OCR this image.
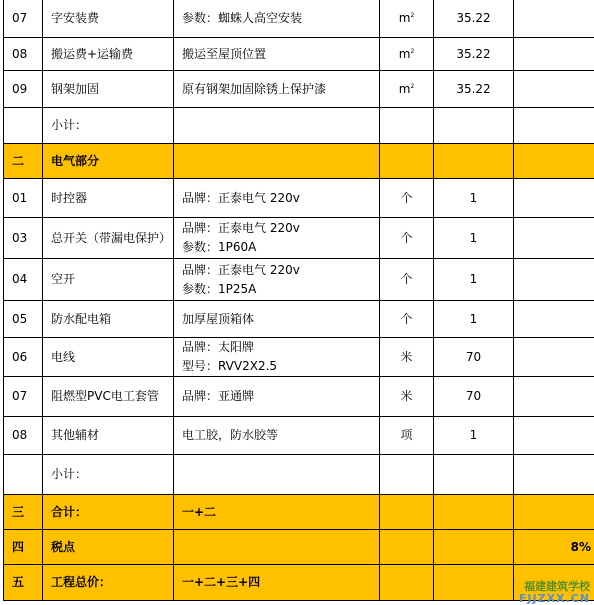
07	字安装费	参数：蜘蛛人高空安装	$m^2$	35.22	
08	搬运费+运输费	搬运至屋顶位置	$m^2$	35.22	
09	钢架加固	原有钢架加固除锈上保护漆	$m^2$	35.22	
	小计：				
二	电气部分				
01	时控器	品牌：正泰电气 220v	个	1	
03	总开关（带漏电保护）	品牌：正泰电气 220v
参数：1P60A	个	1	
04	空开	品牌：正泰电气 220v
参数：1P25A	个	1	
05	防水配电箱	加厚屋顶箱体	个	1	
06	电线	品牌：太阳牌
型号：RVV2X2.5	米	70	
07	阻燃型PVC电工套管	品牌：亚通牌	米	70	
08	其他辅材	电工胶，防水胶等	项	1	
	小计：				
三	合计：	一+二			
四	税点				8%
五	工程总价：	一+二+三+四				福建建筑学校
FJJZXX.CN
